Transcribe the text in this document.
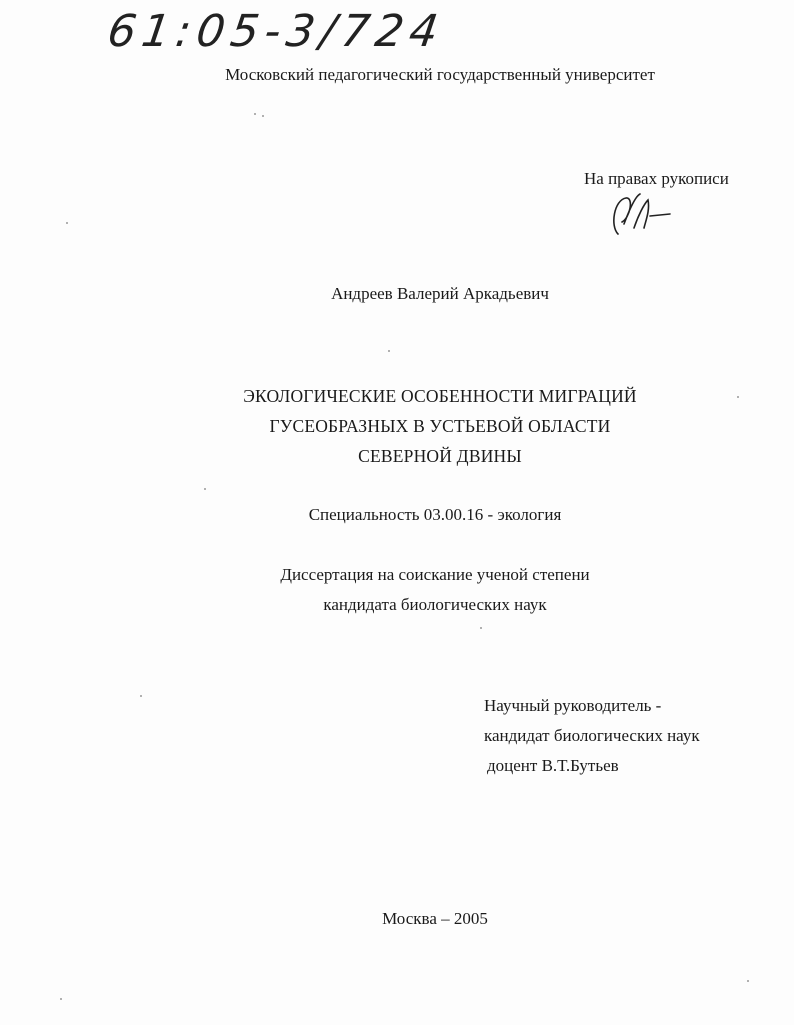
61:05-3/724
Московский педагогический государственный университет
На правах рукописи
Андреев Валерий Аркадьевич
ЭКОЛОГИЧЕСКИЕ ОСОБЕННОСТИ МИГРАЦИЙ
ГУСЕОБРАЗНЫХ В УСТЬЕВОЙ ОБЛАСТИ
СЕВЕРНОЙ ДВИНЫ
Специальность 03.00.16 - экология
Диссертация на соискание ученой степени
кандидата биологических наук
Научный руководитель -
кандидат биологических наук
доцент В.Т.Бутьев
Москва – 2005
